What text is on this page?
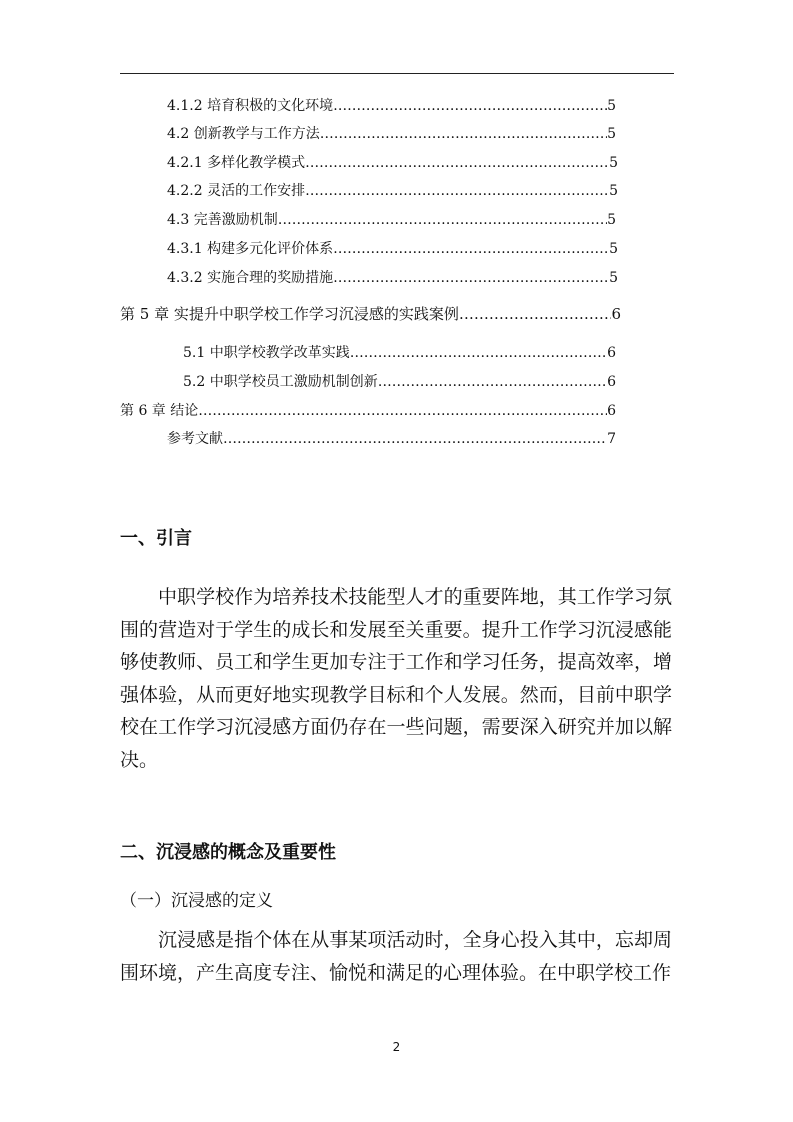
4.1.2 培育积极的文化环境 ……………………………………………………………………………………………………………………………………………………………………………………	5
4.2 创新教学与工作方法 ……………………………………………………………………………………………………………………………………………………………………………………	5
4.2.1 多样化教学模式 ……………………………………………………………………………………………………………………………………………………………………………………	5
4.2.2 灵活的工作安排 ……………………………………………………………………………………………………………………………………………………………………………………	5
4.3 完善激励机制 ……………………………………………………………………………………………………………………………………………………………………………………	5
4.3.1 构建多元化评价体系 ……………………………………………………………………………………………………………………………………………………………………………………	5
4.3.2 实施合理的奖励措施 ……………………………………………………………………………………………………………………………………………………………………………………	5
第 5 章 实提升中职学校工作学习沉浸感的实践案例 ……………………………………………………………………………………………………………………………………………………………………………………	6
5.1 中职学校教学改革实践 ……………………………………………………………………………………………………………………………………………………………………………………	6
5.2 中职学校员工激励机制创新 ……………………………………………………………………………………………………………………………………………………………………………………	6
第 6 章 结论 ……………………………………………………………………………………………………………………………………………………………………………………	6
参考文献 ……………………………………………………………………………………………………………………………………………………………………………………	7
一、引言

中职学校作为培养技术技能型人才的重要阵地，其工作学习氛围的营造对于学生的成长和发展至关重要。提升工作学习沉浸感能够使教师、员工和学生更加专注于工作和学习任务，提高效率，增强体验，从而更好地实现教学目标和个人发展。然而，目前中职学校在工作学习沉浸感方面仍存在一些问题，需要深入研究并加以解决。

二、沉浸感的概念及重要性
（一）沉浸感的定义

沉浸感是指个体在从事某项活动时，全身心投入其中，忘却周围环境，产生高度专注、愉悦和满足的心理体验。在中职学校工作

2
